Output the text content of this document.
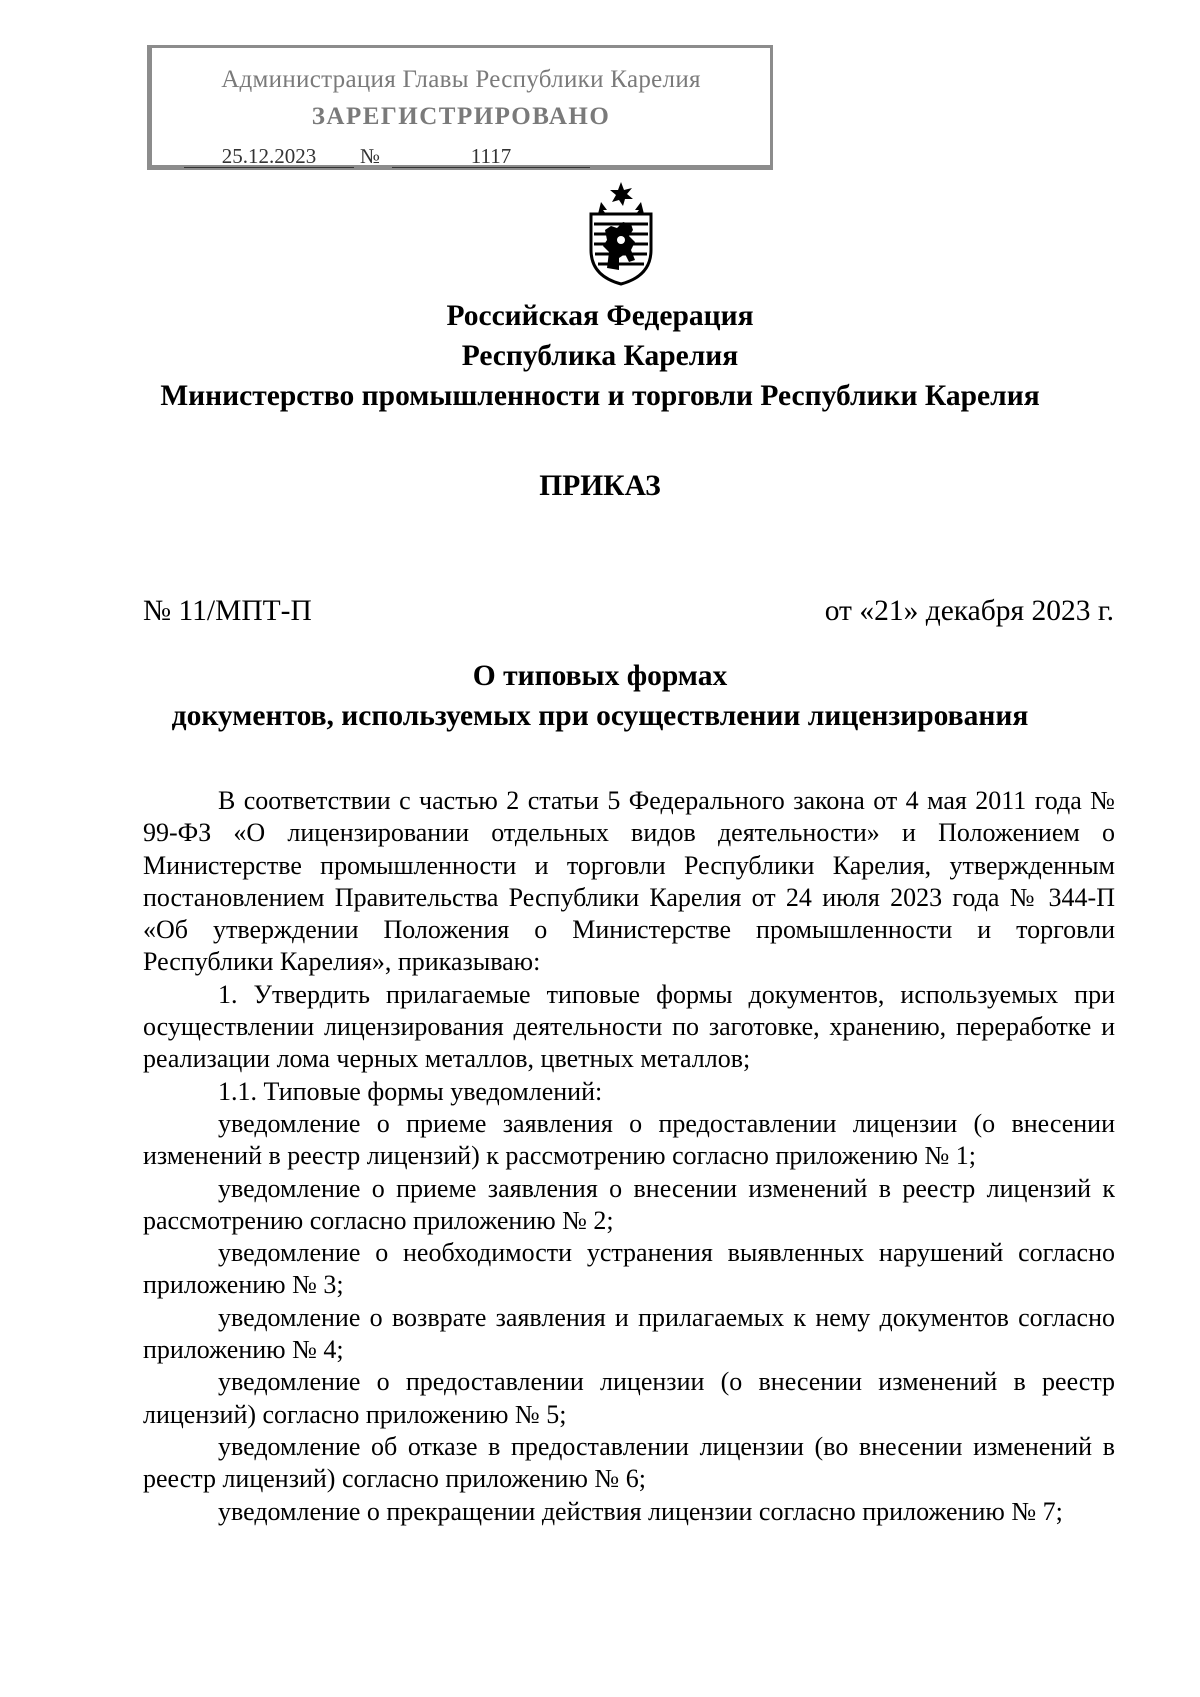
Администрация Главы Республики Карелия
ЗАРЕГИСТРИРОВАНО
25.12.2023	№	1117
Российская Федерация
Республика Карелия
Министерство промышленности и торговли Республики Карелия
ПРИКАЗ
№ 11/МПТ-П	от «21» декабря 2023 г.
О типовых формах
документов, используемых при осуществлении лицензирования

В соответствии с частью 2 статьи 5 Федерального закона от 4 мая 2011 года № 99-ФЗ «О лицензировании отдельных видов деятельности» и Положением о Министерстве промышленности и торговли Республики Карелия, утвержденным постановлением Правительства Республики Карелия от 24 июля 2023 года № 344-П «Об утверждении Положения о Министерстве промышленности и торговли Республики Карелия», приказываю:

1. Утвердить прилагаемые типовые формы документов, используемых при осуществлении лицензирования деятельности по заготовке, хранению, переработке и реализации лома черных металлов, цветных металлов;

1.1. Типовые формы уведомлений:

уведомление о приеме заявления о предоставлении лицензии (о внесении изменений в реестр лицензий) к рассмотрению согласно приложению № 1;

уведомление о приеме заявления о внесении изменений в реестр лицензий к рассмотрению согласно приложению № 2;

уведомление о необходимости устранения выявленных нарушений согласно приложению № 3;

уведомление о возврате заявления и прилагаемых к нему документов согласно приложению № 4;

уведомление о предоставлении лицензии (о внесении изменений в реестр лицензий) согласно приложению № 5;

уведомление об отказе в предоставлении лицензии (во внесении изменений в реестр лицензий) согласно приложению № 6;

уведомление о прекращении действия лицензии согласно приложению № 7;
